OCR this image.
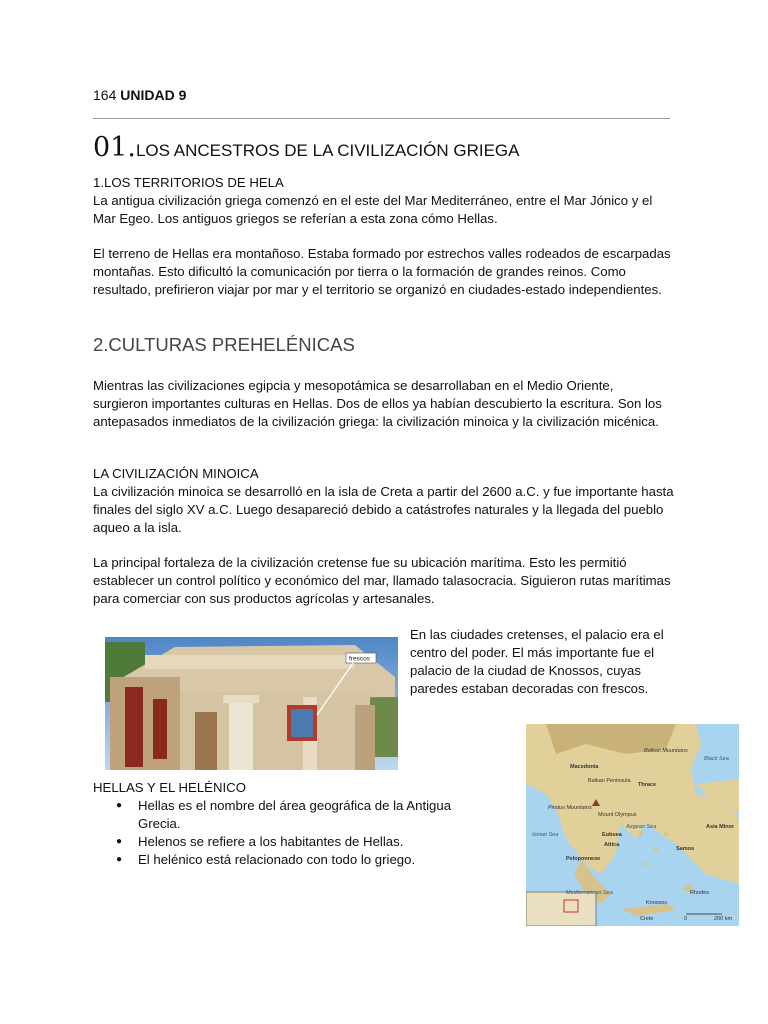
164 UNIDAD 9
01.LOS ANCESTROS DE LA CIVILIZACIÓN GRIEGA
1.LOS TERRITORIOS DE HELA
La antigua civilización griega comenzó en el este del Mar Mediterráneo, entre el Mar Jónico y el Mar Egeo. Los antiguos griegos se referían a esta zona cómo Hellas.
El terreno de Hellas era montañoso. Estaba formado por estrechos valles rodeados de escarpadas montañas. Esto dificultó la comunicación por tierra o la formación de grandes reinos. Como resultado, prefirieron viajar por mar y el territorio se organizó en ciudades-estado independientes.
2.CULTURAS PREHELÉNICAS
Mientras las civilizaciones egipcia y mesopotámica se desarrollaban en el Medio Oriente, surgieron importantes culturas en Hellas. Dos de ellos ya habían descubierto la escritura. Son los antepasados inmediatos de la civilización griega: la civilización minoica y la civilización micénica.
LA CIVILIZACIÓN MINOICA
La civilización minoica se desarrolló en la isla de Creta a partir del 2600 a.C. y fue importante hasta finales del siglo XV a.C. Luego desapareció debido a catástrofes naturales y la llegada del pueblo aqueo a la isla.
La principal fortaleza de la civilización cretense fue su ubicación marítima. Esto les permitió establecer un control político y económico del mar, llamado talasocracia. Siguieron rutas marítimas para comerciar con sus productos agrícolas y artesanales.
En las ciudades cretenses, el palacio era el centro del poder. El más importante fue el palacio de la ciudad de Knossos, cuyas paredes estaban decoradas con frescos.
frescos
HELLAS Y EL HELÉNICO
● Hellas es el nombre del área geográfica de la Antigua Grecia.
● Helenos se refiere a los habitantes de Hellas.
● El helénico está relacionado con todo lo griego.
Balkan Mountains
Black Sea
Macedonia
Thrace
Balkan Peninsula
Pindus Mountains
Mount Olympus
Aegean Sea
Euboea
Ionian Sea
Attica
Samos
Asia Minor
Peloponnese
Mediterranean Sea	Rhodes
Knossos
Crete	0	200 km
